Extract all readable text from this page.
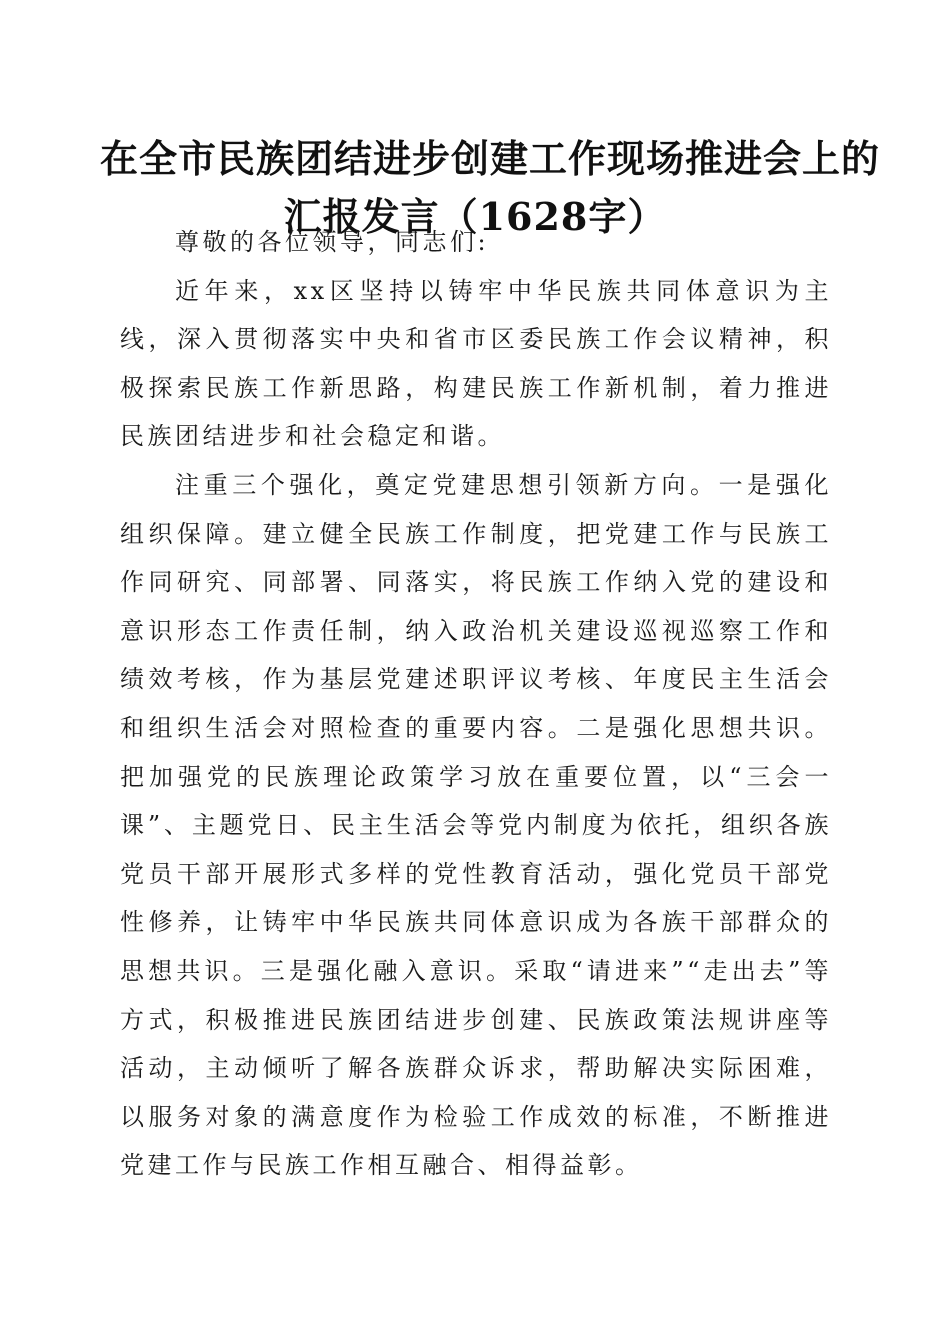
在全市民族团结进步创建工作现场推进会上的
汇报发言（1628字）

尊敬的各位领导，同志们:

近年来，xx区坚持以铸牢中华民族共同体意识为主线，深入贯彻落实中央和省市区委民族工作会议精神，积极探索民族工作新思路，构建民族工作新机制，着力推进民族团结进步和社会稳定和谐。

注重三个强化，奠定党建思想引领新方向。一是强化组织保障。建立健全民族工作制度，把党建工作与民族工作同研究、同部署、同落实，将民族工作纳入党的建设和意识形态工作责任制，纳入政治机关建设巡视巡察工作和绩效考核，作为基层党建述职评议考核、年度民主生活会和组织生活会对照检查的重要内容。二是强化思想共识。把加强党的民族理论政策学习放在重要位置，以“三会一课”、主题党日、民主生活会等党内制度为依托，组织各族党员干部开展形式多样的党性教育活动，强化党员干部党性修养，让铸牢中华民族共同体意识成为各族干部群众的思想共识。三是强化融入意识。采取“请进来”“走出去”等方式，积极推进民族团结进步创建、民族政策法规讲座等活动，主动倾听了解各族群众诉求，帮助解决实际困难，以服务对象的满意度作为检验工作成效的标准，不断推进党建工作与民族工作相互融合、相得益彰。
